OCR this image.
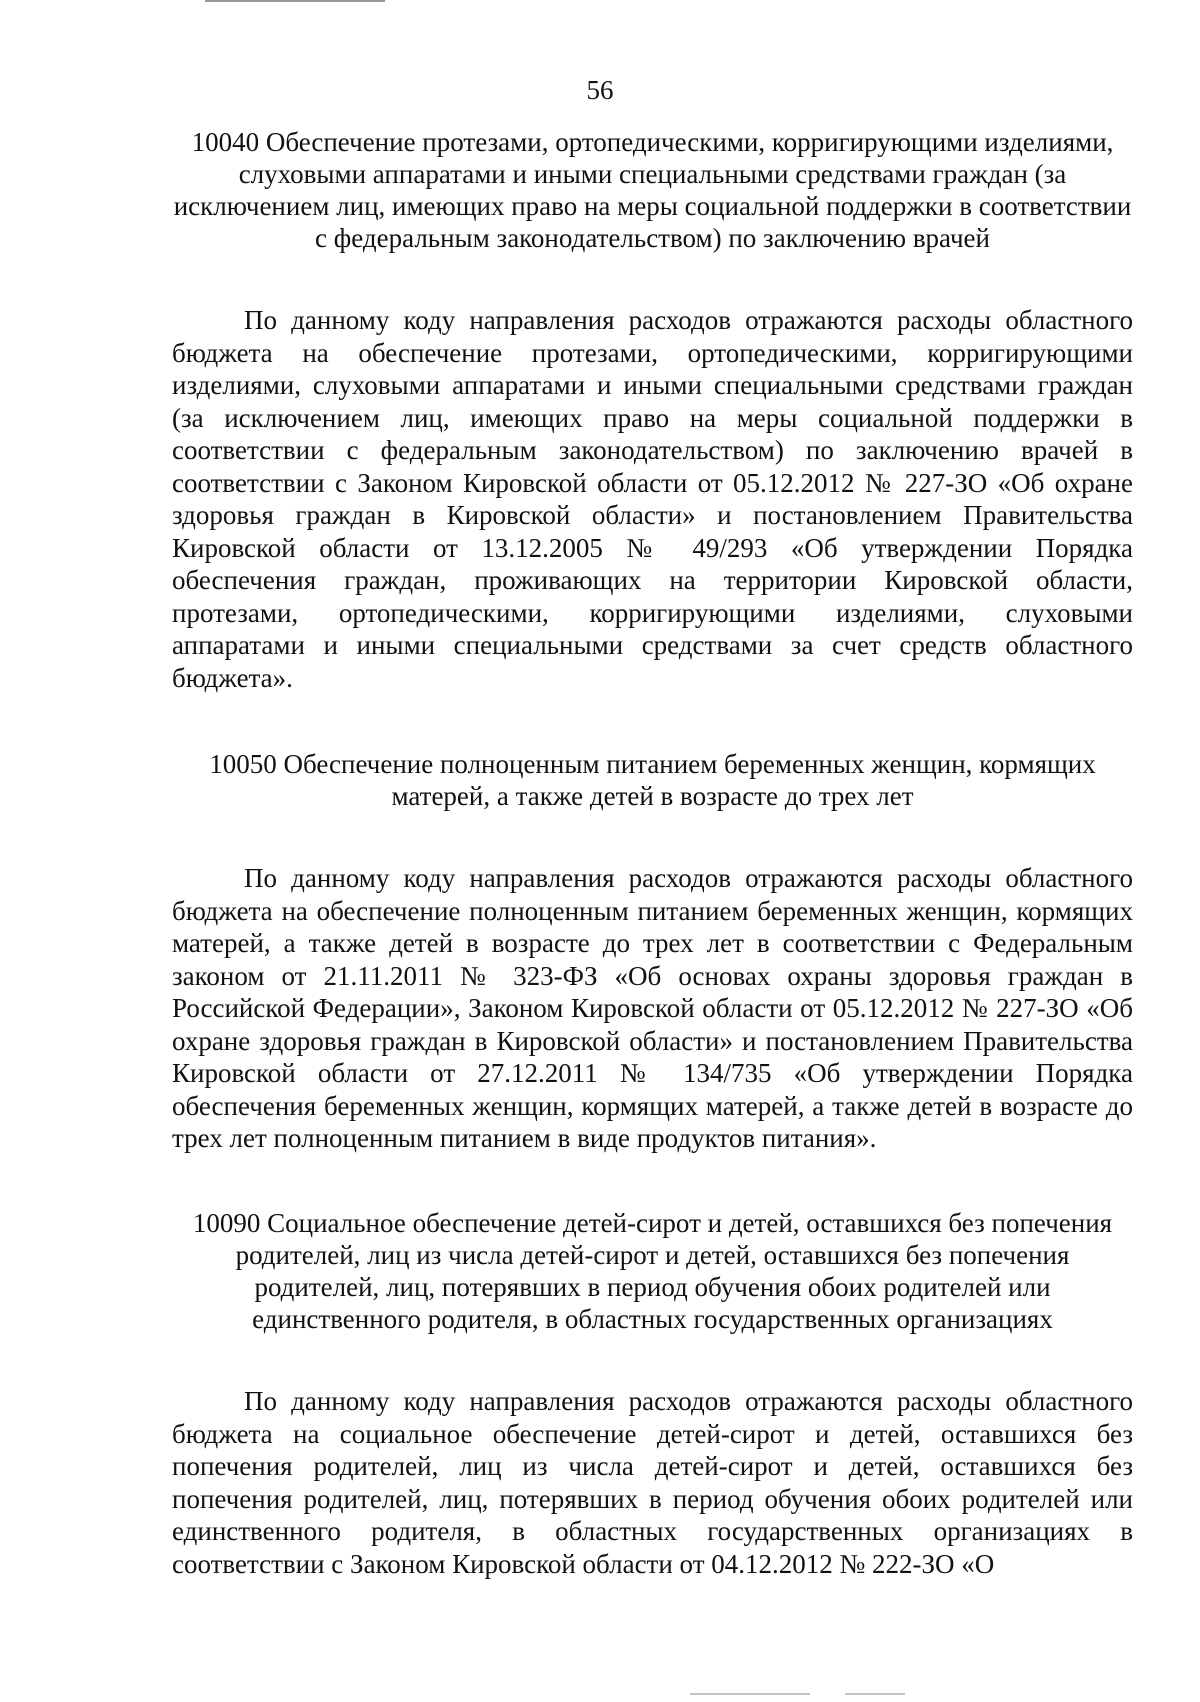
56

10040 Обеспечение протезами, ортопедическими, корригирующими изделиями, слуховыми аппаратами и иными специальными средствами граждан (за исключением лиц, имеющих право на меры социальной поддержки в соответствии с федеральным законодательством) по заключению врачей

По данному коду направления расходов отражаются расходы областного бюджета на обеспечение протезами, ортопедическими, корригирующими изделиями, слуховыми аппаратами и иными специальными средствами граждан (за исключением лиц, имеющих право на меры социальной поддержки в соответствии с федеральным законодательством) по заключению врачей в соответствии с Законом Кировской области от 05.12.2012 № 227-ЗО «Об охране здоровья граждан в Кировской области» и постановлением Правительства Кировской области от 13.12.2005 № 49/293 «Об утверждении Порядка обеспечения граждан, проживающих на территории Кировской области, протезами, ортопедическими, корригирующими изделиями, слуховыми аппаратами и иными специальными средствами за счет средств областного бюджета».

10050 Обеспечение полноценным питанием беременных женщин, кормящих матерей, а также детей в возрасте до трех лет

По данному коду направления расходов отражаются расходы областного бюджета на обеспечение полноценным питанием беременных женщин, кормящих матерей, а также детей в возрасте до трех лет в соответствии с Федеральным законом от 21.11.2011 № 323-ФЗ «Об основах охраны здоровья граждан в Российской Федерации», Законом Кировской области от 05.12.2012 № 227-ЗО «Об охране здоровья граждан в Кировской области» и постановлением Правительства Кировской области от 27.12.2011 № 134/735 «Об утверждении Порядка обеспечения беременных женщин, кормящих матерей, а также детей в возрасте до трех лет полноценным питанием в виде продуктов питания».

10090 Социальное обеспечение детей-сирот и детей, оставшихся без попечения родителей, лиц из числа детей-сирот и детей, оставшихся без попечения родителей, лиц, потерявших в период обучения обоих родителей или единственного родителя, в областных государственных организациях

По данному коду направления расходов отражаются расходы областного бюджета на социальное обеспечение детей-сирот и детей, оставшихся без попечения родителей, лиц из числа детей-сирот и детей, оставшихся без попечения родителей, лиц, потерявших в период обучения обоих родителей или единственного родителя, в областных государственных организациях в соответствии с Законом Кировской области от 04.12.2012 № 222-ЗО «О
